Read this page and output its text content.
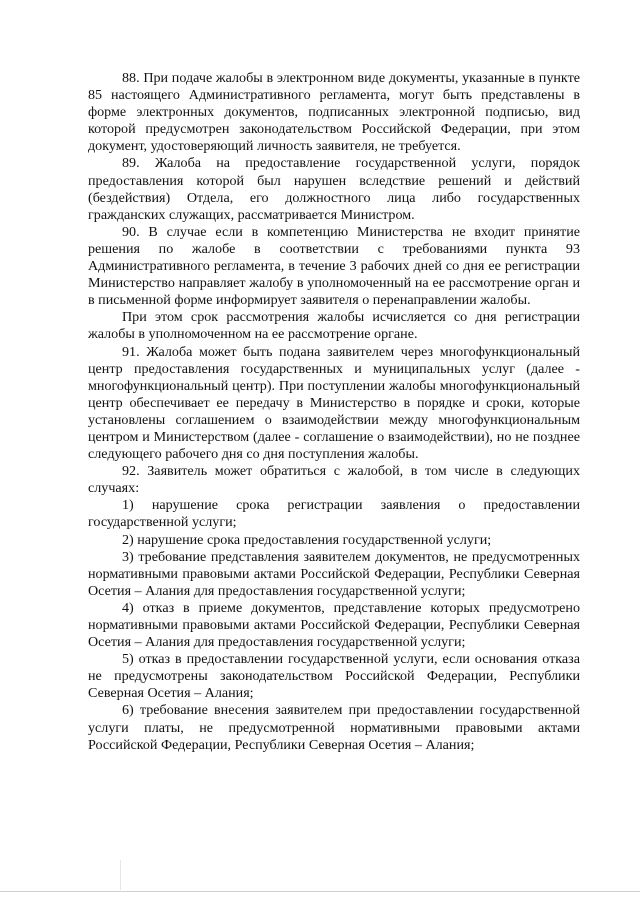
88. При подаче жалобы в электронном виде документы, указанные в пункте 85 настоящего Административного регламента, могут быть представлены в форме электронных документов, подписанных электронной подписью, вид которой предусмотрен законодательством Российской Федерации, при этом документ, удостоверяющий личность заявителя, не требуется.

89. Жалоба на предоставление государственной услуги, порядок предоставления которой был нарушен вследствие решений и действий (бездействия) Отдела, его должностного лица либо государственных гражданских служащих, рассматривается Министром.

90. В случае если в компетенцию Министерства не входит принятие решения по жалобе в соответствии с требованиями пункта 93 Административного регламента, в течение 3 рабочих дней со дня ее регистрации Министерство направляет жалобу в уполномоченный на ее рассмотрение орган и в письменной форме информирует заявителя о перенаправлении жалобы.

При этом срок рассмотрения жалобы исчисляется со дня регистрации жалобы в уполномоченном на ее рассмотрение органе.

91. Жалоба может быть подана заявителем через многофункциональный центр предоставления государственных и муниципальных услуг (далее - многофункциональный центр). При поступлении жалобы многофункциональный центр обеспечивает ее передачу в Министерство в порядке и сроки, которые установлены соглашением о взаимодействии между многофункциональным центром и Министерством (далее - соглашение о взаимодействии), но не позднее следующего рабочего дня со дня поступления жалобы.

92. Заявитель может обратиться с жалобой, в том числе в следующих случаях:

1) нарушение срока регистрации заявления о предоставлении государственной услуги;

2) нарушение срока предоставления государственной услуги;

3) требование представления заявителем документов, не предусмотренных нормативными правовыми актами Российской Федерации, Республики Северная Осетия – Алания для предоставления государственной услуги;

4) отказ в приеме документов, представление которых предусмотрено нормативными правовыми актами Российской Федерации, Республики Северная Осетия – Алания для предоставления государственной услуги;

5) отказ в предоставлении государственной услуги, если основания отказа не предусмотрены законодательством Российской Федерации, Республики Северная Осетия – Алания;

6) требование внесения заявителем при предоставлении государственной услуги платы, не предусмотренной нормативными правовыми актами Российской Федерации, Республики Северная Осетия – Алания;
